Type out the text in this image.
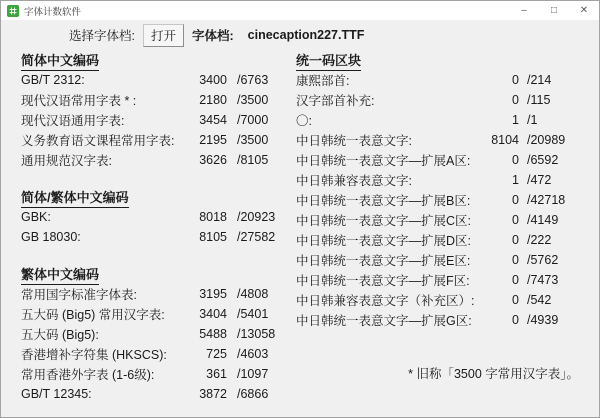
字体计数软件	–	□	✕
选择字体档:	打开	字体档: cinecaption227.TTF
简体中文编码
GB/T 2312:	3400 /6763
现代汉语常用字表 * :	2180 /3500
现代汉语通用字表:	3454 /7000
义务教育语文课程常用字表:	2195 /3500
通用规范汉字表:	3626 /8105
简体/繁体中文编码
GBK:	8018 /20923
GB 18030:	8105 /27582
繁体中文编码
常用国字标准字体表:	3195 /4808
五大码 (Big5) 常用汉字表:	3404 /5401
五大码 (Big5):	5488 /13058
香港增补字符集 (HKSCS):	725 /4603
常用香港外字表 (1-6级):	361 /1097
GB/T 12345:	3872 /6866
统一码区块
康熙部首:	0 /214
汉字部首补充:	0 /115
〇:	1 /1
中日韩统一表意文字:	8104 /20989
中日韩统一表意文字—扩展A区:	0 /6592
中日韩兼容表意文字:	1 /472
中日韩统一表意文字—扩展B区:	0 /42718
中日韩统一表意文字—扩展C区:	0 /4149
中日韩统一表意文字—扩展D区:	0 /222
中日韩统一表意文字—扩展E区:	0 /5762
中日韩统一表意文字—扩展F区:	0 /7473
中日韩兼容表意文字（补充区）:	0 /542
中日韩统一表意文字—扩展G区:	0 /4939
* 旧称「3500 字常用汉字表」。
